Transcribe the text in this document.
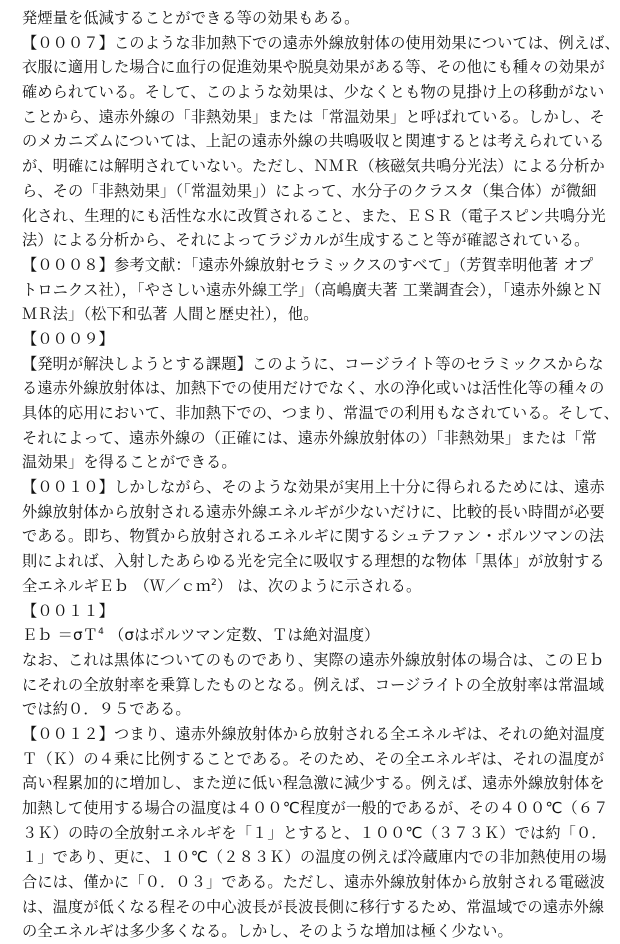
発煙量を低減することができる等の効果もある。
【０００７】このような非加熱下での遠赤外線放射体の使用効果については、例えば、
衣服に適用した場合に血行の促進効果や脱臭効果がある等、その他にも種々の効果が
確められている。そして、このような効果は、少なくとも物の見掛け上の移動がない
ことから、遠赤外線の「非熱効果」または「常温効果」と呼ばれている。しかし、そ
のメカニズムについては、上記の遠赤外線の共鳴吸収と関連するとは考えられている
が、明確には解明されていない。ただし、ＮＭＲ（核磁気共鳴分光法）による分析か
ら、その「非熱効果」（「常温効果」）によって、水分子のクラスタ（集合体）が微細
化され、生理的にも活性な水に改質されること、また、ＥＳＲ（電子スピン共鳴分光
法）による分析から、それによってラジカルが生成すること等が確認されている。
【０００８】参考文献：「遠赤外線放射セラミックスのすべて」（芳賀幸明他著 オプ
トロニクス社），「やさしい遠赤外線工学」（高嶋廣夫著 工業調査会），「遠赤外線とＮ
ＭＲ法」（松下和弘著 人間と歴史社），他。
【０００９】
【発明が解決しようとする課題】このように、コージライト等のセラミックスからな
る遠赤外線放射体は、加熱下での使用だけでなく、水の浄化或いは活性化等の種々の
具体的応用において、非加熱下での、つまり、常温での利用もなされている。そして、
それによって、遠赤外線の（正確には、遠赤外線放射体の）「非熱効果」または「常
温効果」を得ることができる。
【００１０】しかしながら、そのような効果が実用上十分に得られるためには、遠赤
外線放射体から放射される遠赤外線エネルギが少ないだけに、比較的長い時間が必要
である。即ち、物質から放射されるエネルギに関するシュテファン・ボルツマンの法
則によれば、入射したあらゆる光を完全に吸収する理想的な物体「黒体」が放射する
全エネルギＥｂ （Ｗ／ｃｍ$^2$） は、次のように示される。
【００１１】
Ｅｂ ＝σＴ$^4$ （σはボルツマン定数、Ｔは絶対温度）
なお、これは黒体についてのものであり、実際の遠赤外線放射体の場合は、このＥｂ
にそれの全放射率を乗算したものとなる。例えば、コージライトの全放射率は常温域
では約０．９５である。
【００１２】つまり、遠赤外線放射体から放射される全エネルギは、それの絶対温度
Ｔ（Ｋ）の４乗に比例することである。そのため、その全エネルギは、それの温度が
高い程累加的に増加し、また逆に低い程急激に減少する。例えば、遠赤外線放射体を
加熱して使用する場合の温度は４００℃程度が一般的であるが、その４００℃（６７
３Ｋ）の時の全放射エネルギを「１」とすると、１００℃（３７３Ｋ）では約「０．
１」であり、更に、１０℃（２８３Ｋ）の温度の例えば冷蔵庫内での非加熱使用の場
合には、僅かに「０．０３」である。ただし、遠赤外線放射体から放射される電磁波
は、温度が低くなる程その中心波長が長波長側に移行するため、常温域での遠赤外線
の全エネルギは多少多くなる。しかし、そのような増加は極く少ない。
